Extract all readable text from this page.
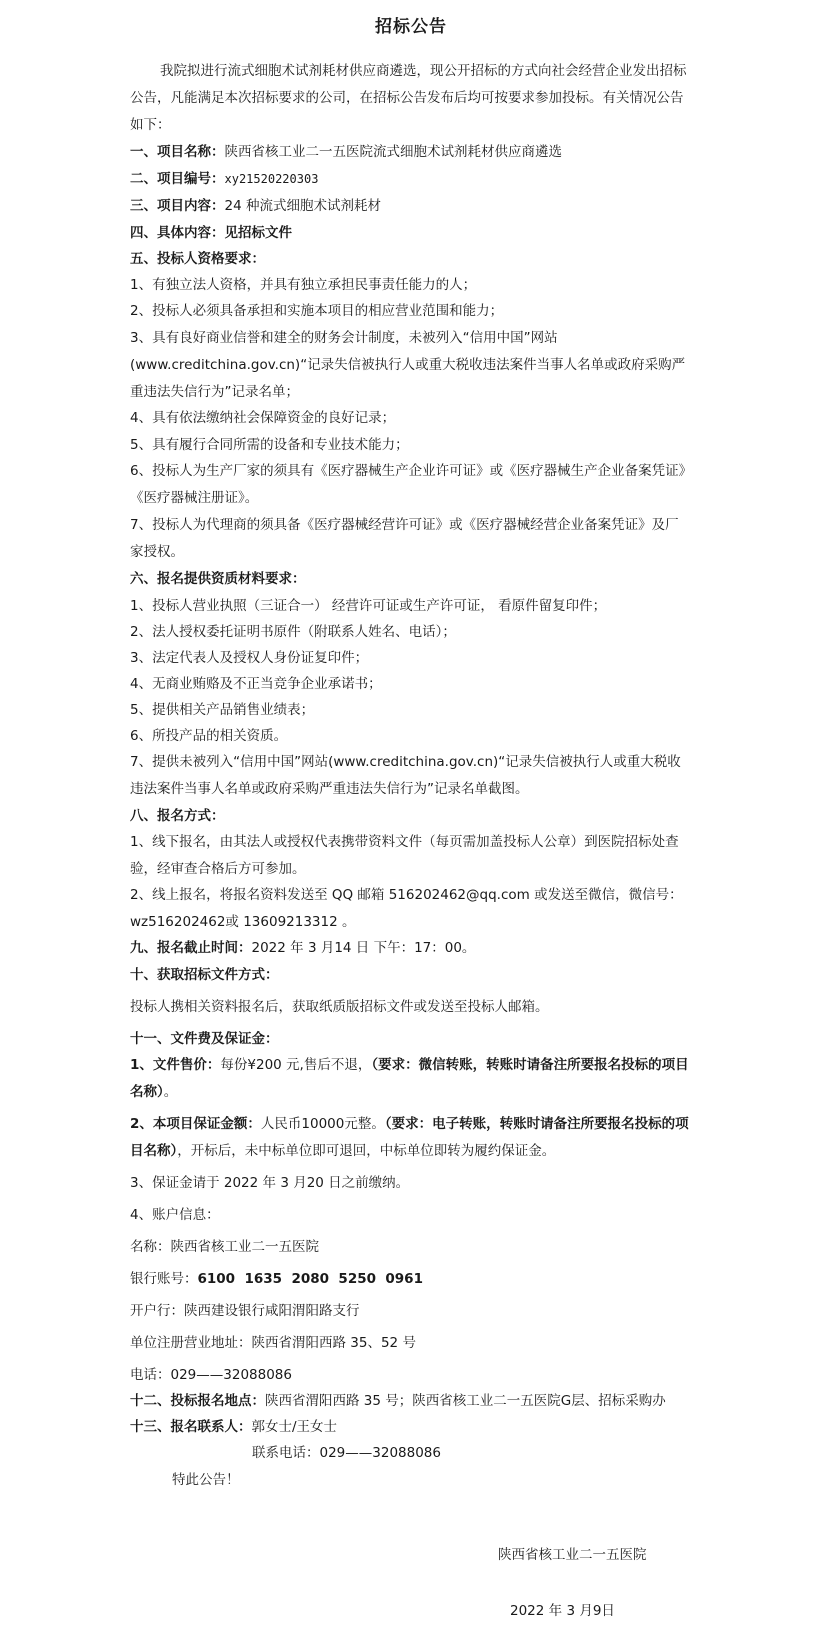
招标公告
我院拟进行流式细胞术试剂耗材供应商遴选，现公开招标的方式向社会经营企业发出招标公告，凡能满足本次招标要求的公司，在招标公告发布后均可按要求参加投标。有关情况公告如下：
一、项目名称：陕西省核工业二一五医院流式细胞术试剂耗材供应商遴选
二、项目编号：xy21520220303
三、项目内容：24 种流式细胞术试剂耗材
四、具体内容：见招标文件
五、投标人资格要求：
1、有独立法人资格，并具有独立承担民事责任能力的人；
2、投标人必须具备承担和实施本项目的相应营业范围和能力；
3、具有良好商业信誉和建全的财务会计制度，未被列入“信用中国”网站(www.creditchina.gov.cn)“记录失信被执行人或重大税收违法案件当事人名单或政府采购严重违法失信行为”记录名单；
4、具有依法缴纳社会保障资金的良好记录；
5、具有履行合同所需的设备和专业技术能力；
6、投标人为生产厂家的须具有《医疗器械生产企业许可证》或《医疗器械生产企业备案凭证》《医疗器械注册证》。
7、投标人为代理商的须具备《医疗器械经营许可证》或《医疗器械经营企业备案凭证》及厂家授权。
六、报名提供资质材料要求：
1、投标人营业执照（三证合一） 经营许可证或生产许可证， 看原件留复印件；
2、法人授权委托证明书原件（附联系人姓名、电话）；
3、法定代表人及授权人身份证复印件；
4、无商业贿赂及不正当竞争企业承诺书；
5、提供相关产品销售业绩表；
6、所投产品的相关资质。
7、提供未被列入“信用中国”网站(www.creditchina.gov.cn)“记录失信被执行人或重大税收违法案件当事人名单或政府采购严重违法失信行为”记录名单截图。
八、报名方式：
1、线下报名，由其法人或授权代表携带资料文件（每页需加盖投标人公章）到医院招标处查验，经审查合格后方可参加。
2、线上报名，将报名资料发送至 QQ 邮箱 516202462@qq.com 或发送至微信，微信号：wz516202462或 13609213312 。
九、报名截止时间：2022 年 3 月14 日 下午：17：00。
十、获取招标文件方式：
投标人携相关资料报名后，获取纸质版招标文件或发送至投标人邮箱。
十一、文件费及保证金：
1、文件售价：每份¥200 元,售后不退，（要求：微信转账，转账时请备注所要报名投标的项目名称）。
2、本项目保证金额：人民币10000元整。（要求：电子转账，转账时请备注所要报名投标的项目名称），开标后，未中标单位即可退回，中标单位即转为履约保证金。
3、保证金请于 2022 年 3 月20 日之前缴纳。
4、账户信息：
名称：陕西省核工业二一五医院
银行账号：6100  1635  2080  5250  0961
开户行：陕西建设银行咸阳渭阳路支行
单位注册营业地址：陕西省渭阳西路 35、52 号
电话：029——32088086
十二、投标报名地点：陕西省渭阳西路 35 号；陕西省核工业二一五医院G层、招标采购办
十三、报名联系人：郭女士/王女士
联系电话：029——32088086
特此公告！
陕西省核工业二一五医院
2022 年 3 月9日
